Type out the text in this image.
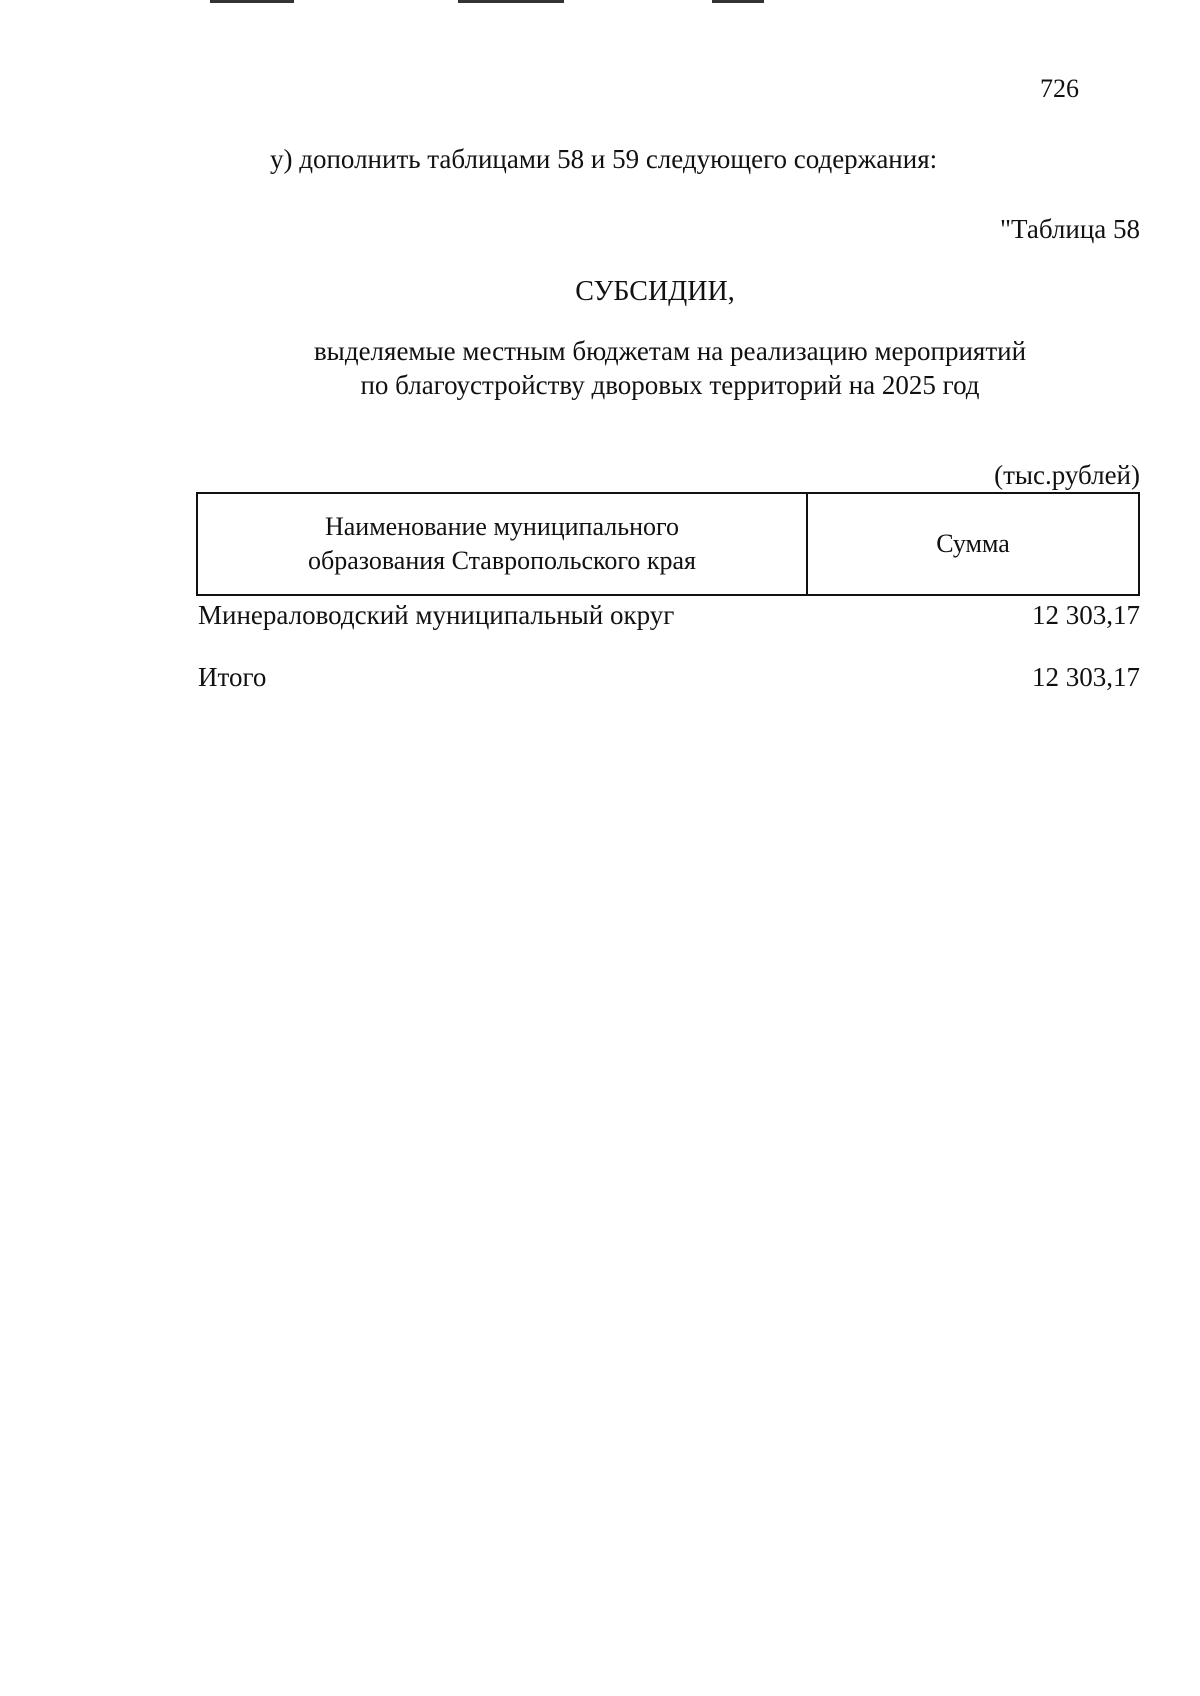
726
у) дополнить таблицами 58 и 59 следующего содержания:
"Таблица 58
СУБСИДИИ,
выделяемые местным бюджетам на реализацию мероприятий
по благоустройству дворовых территорий на 2025 год
(тыс.рублей)
Наименование муниципального
образования Ставропольского края
Сумма
Минераловодский муниципальный округ	12 303,17
Итого	12 303,17
